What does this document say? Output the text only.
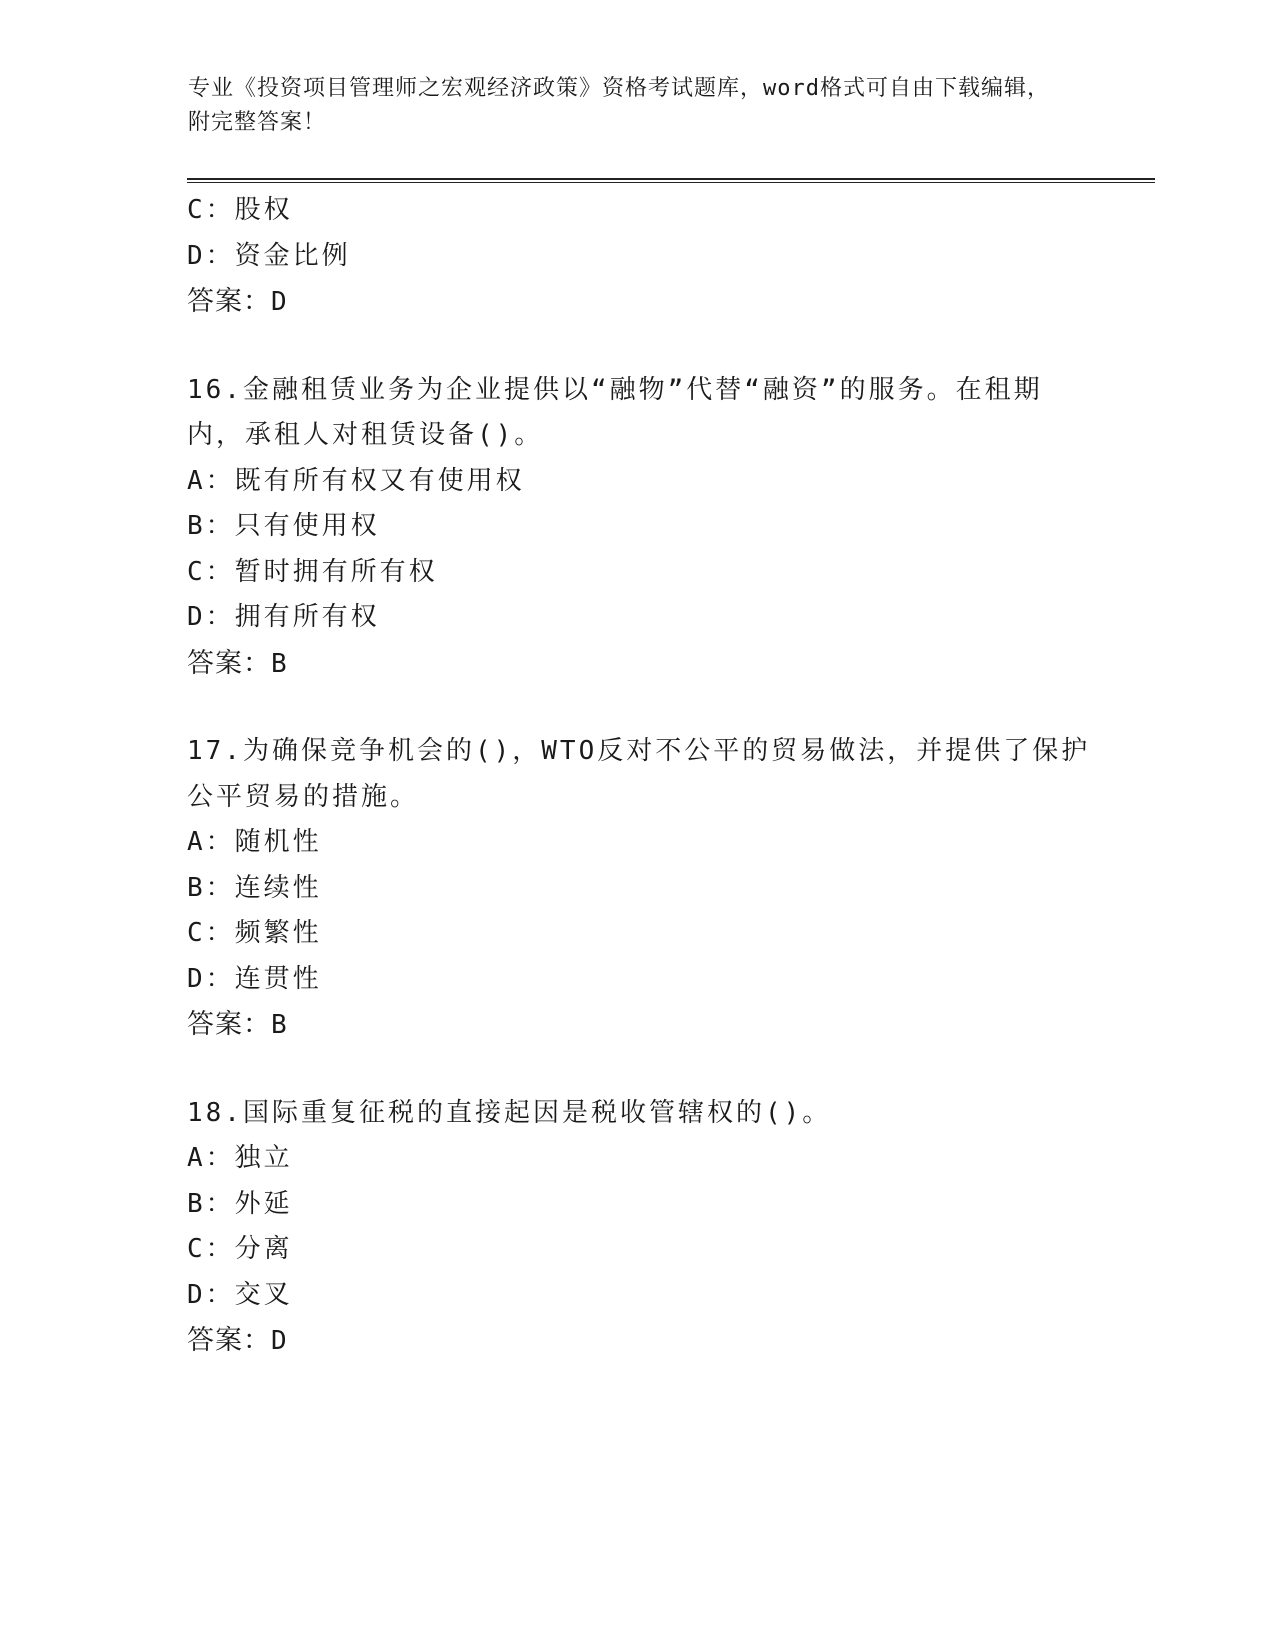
专业《投资项目管理师之宏观经济政策》资格考试题库，word格式可自由下载编辑，附完整答案！
C：股权
D：资金比例
答案：D
16.金融租赁业务为企业提供以“融物”代替“融资”的服务。在租期
内，承租人对租赁设备()。
A：既有所有权又有使用权
B：只有使用权
C：暂时拥有所有权
D：拥有所有权
答案：B
17.为确保竞争机会的()，WTO反对不公平的贸易做法，并提供了保护
公平贸易的措施。
A：随机性
B：连续性
C：频繁性
D：连贯性
答案：B
18.国际重复征税的直接起因是税收管辖权的()。
A：独立
B：外延
C：分离
D：交叉
答案：D
